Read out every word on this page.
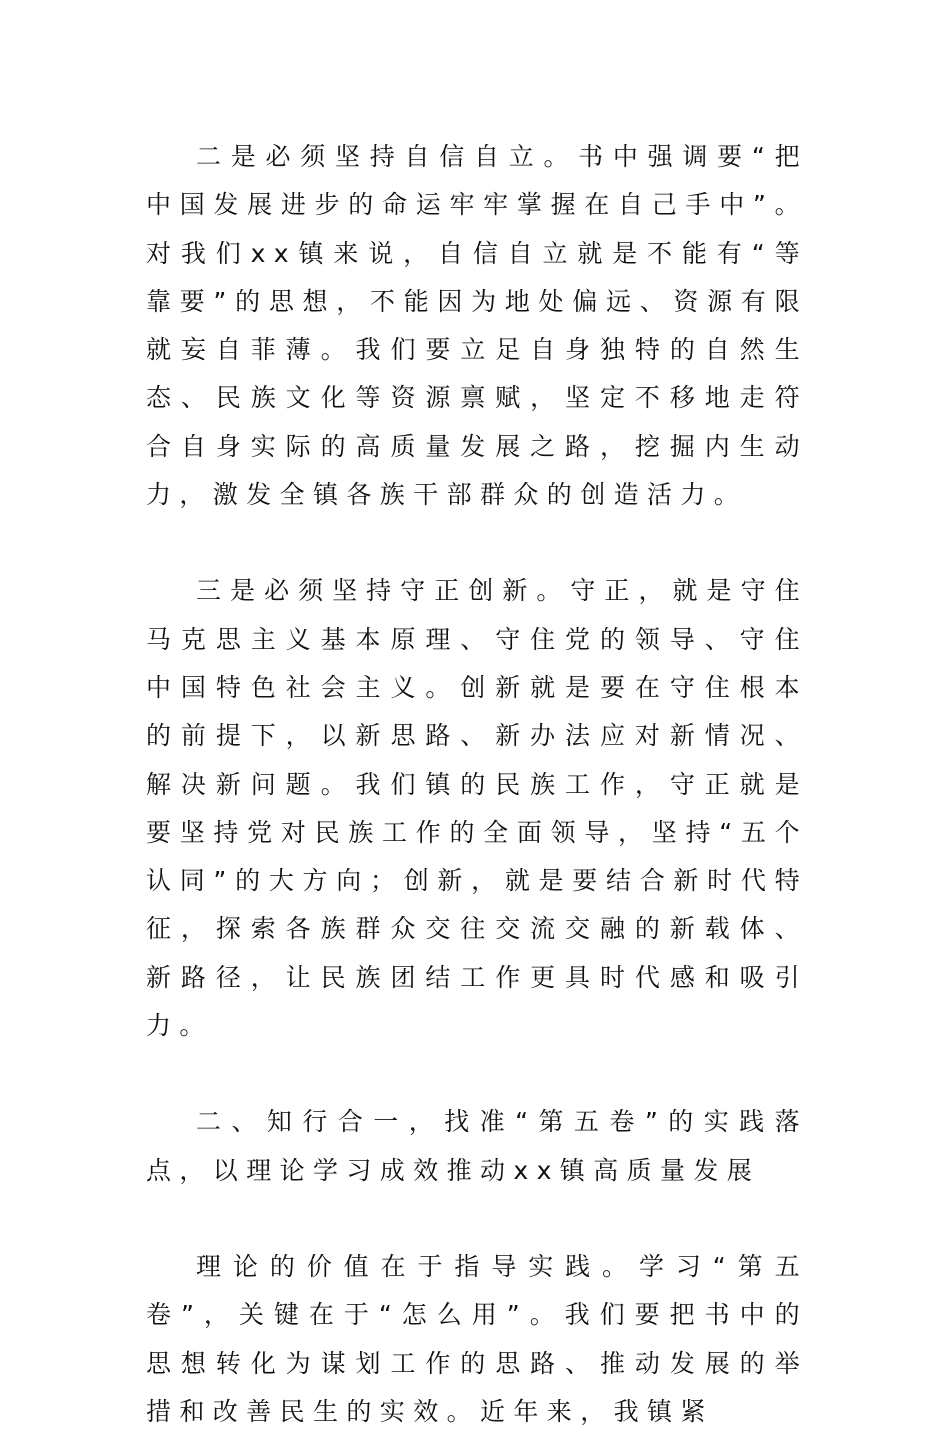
二是必须坚持自信自立。书中强调要“把中国发展进步的命运牢牢掌握在自己手中”。对我们xx镇来说，自信自立就是不能有“等靠要”的思想，不能因为地处偏远、资源有限就妄自菲薄。我们要立足自身独特的自然生态、民族文化等资源禀赋，坚定不移地走符合自身实际的高质量发展之路，挖掘内生动力，激发全镇各族干部群众的创造活力。

三是必须坚持守正创新。守正，就是守住马克思主义基本原理、守住党的领导、守住中国特色社会主义。创新就是要在守住根本的前提下，以新思路、新办法应对新情况、解决新问题。我们镇的民族工作，守正就是要坚持党对民族工作的全面领导，坚持“五个认同”的大方向；创新，就是要结合新时代特征，探索各族群众交往交流交融的新载体、新路径，让民族团结工作更具时代感和吸引力。

二、知行合一，找准“第五卷”的实践落点，以理论学习成效推动xx镇高质量发展

理论的价值在于指导实践。学习“第五卷”，关键在于“怎么用”。我们要把书中的思想转化为谋划工作的思路、推动发展的举措和改善民生的实效。近年来，我镇紧
